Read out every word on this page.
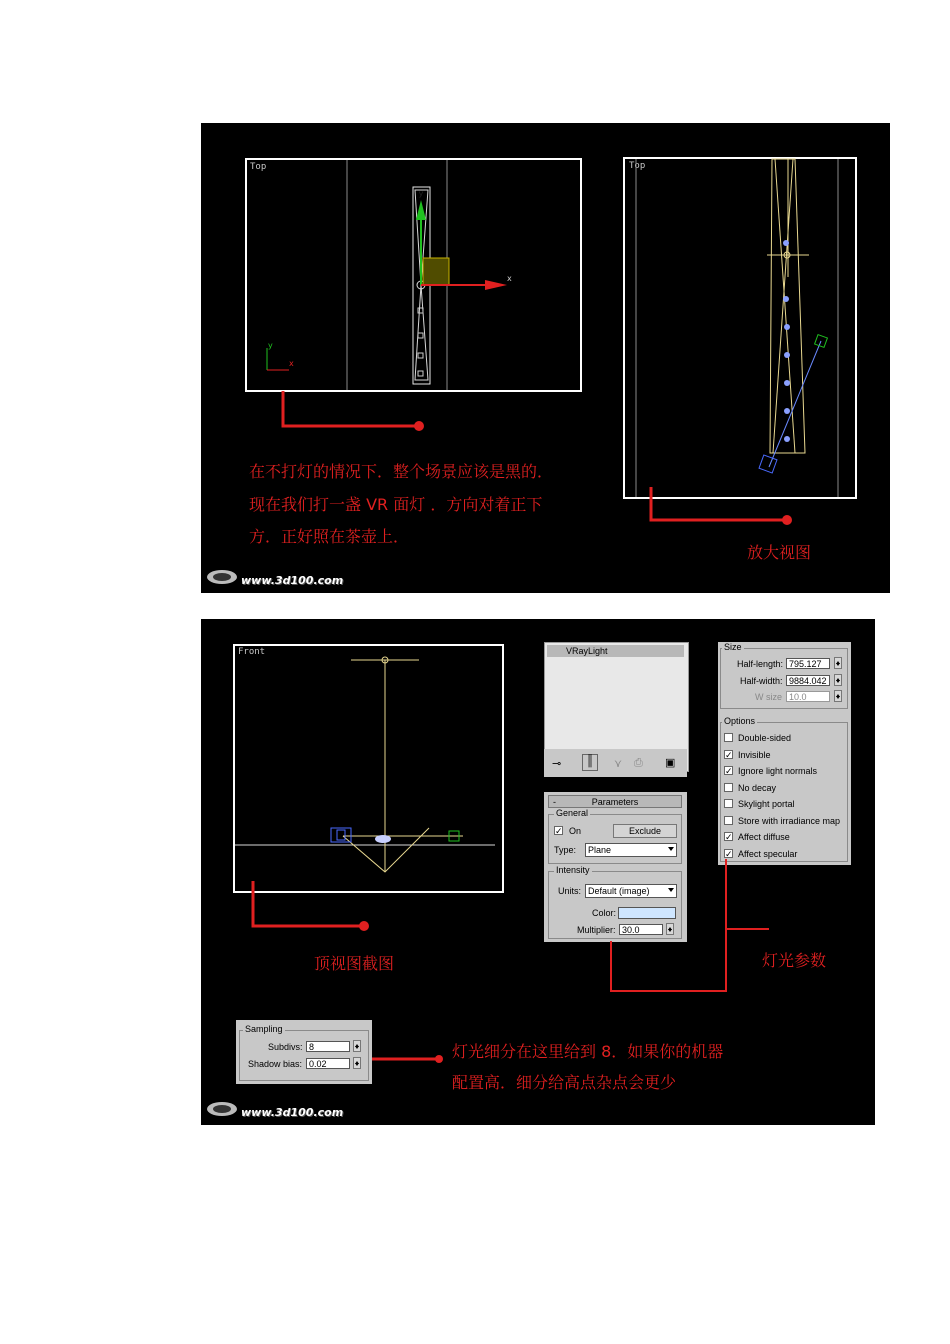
Top
x
y
y
x
Top
在不打灯的情况下．整个场景应该是黑的．
现在我们打一盏 VR 面灯 ．方向对着正下
方．正好照在茶壶上．
放大视图
www.3d100.com
Front	VRayLight
⊸	║	⋎ ⎙ ▣
-	Parameters
General
✓ On	Exclude
Type:	Plane
Intensity
Units: Default (image)
Color:
Multiplier: 30.0
Size
Half-length: 795.127
Half-width: 9884.042
W size 10.0
Options
Double-sided
✓ Invisible
✓ Ignore light normals
No decay
Skylight portal
Store with irradiance map
✓ Affect diffuse
✓ Affect specular
Sampling
Subdivs: 8
Shadow bias: 0.02
顶视图截图	灯光参数
灯光细分在这里给到 8．如果你的机器
配置高．细分给高点杂点会更少
www.3d100.com
